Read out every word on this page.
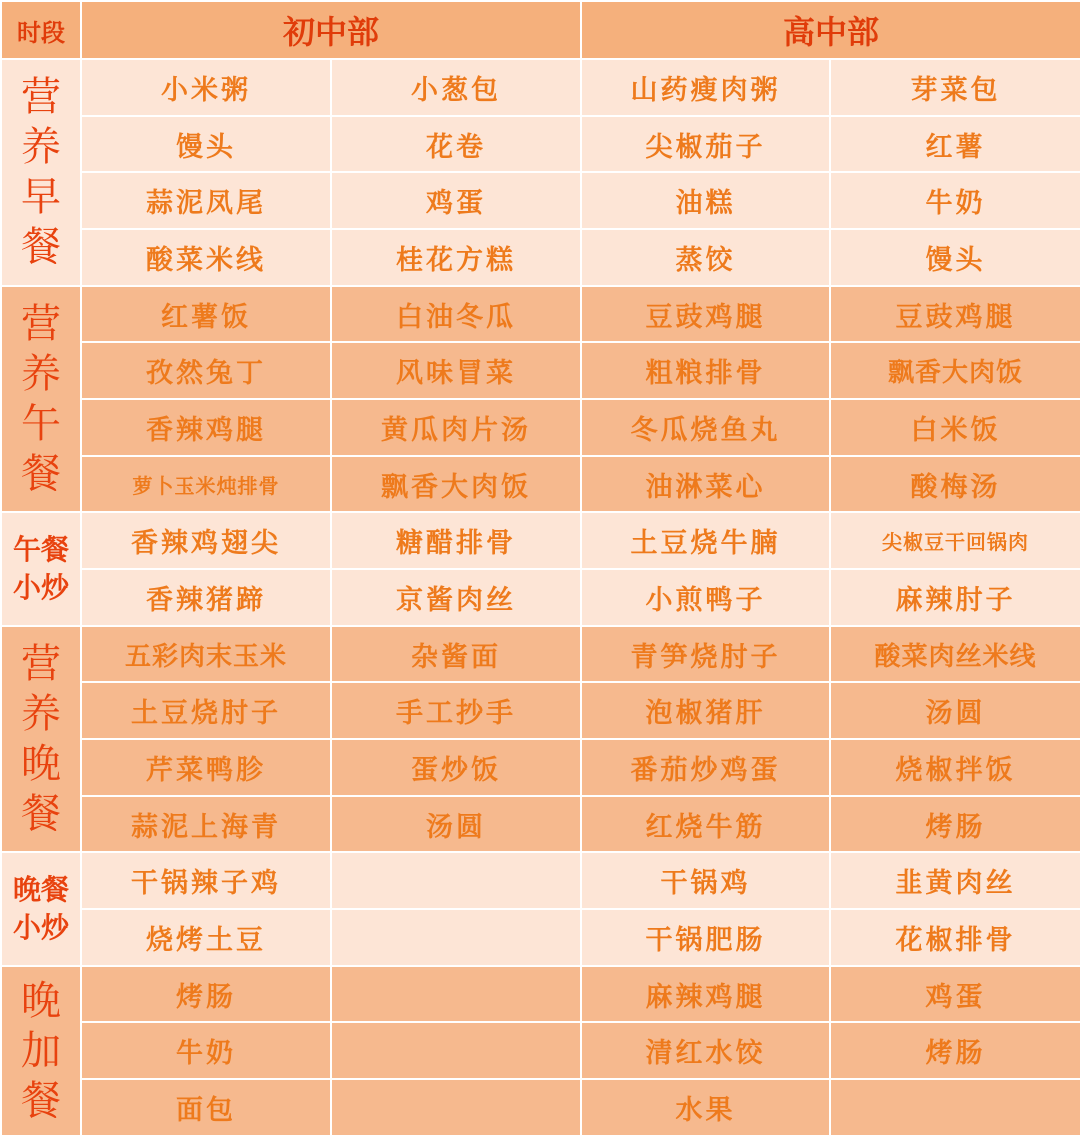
时段	初中部		高中部	

营
养
早
餐	小米粥	小葱包	山药瘦肉粥	芽菜包
	馒头	花卷	尖椒茄子	红薯
	蒜泥凤尾	鸡蛋	油糕	牛奶
	酸菜米线	桂花方糕	蒸饺	馒头

营
养
午
餐	红薯饭	白油冬瓜	豆豉鸡腿	豆豉鸡腿
	孜然兔丁	风味冒菜	粗粮排骨	飘香大肉饭
	香辣鸡腿	黄瓜肉片汤	冬瓜烧鱼丸	白米饭
	萝卜玉米炖排骨	飘香大肉饭	油淋菜心	酸梅汤

午餐
小炒	香辣鸡翅尖	糖醋排骨	土豆烧牛腩	尖椒豆干回锅肉
	香辣猪蹄	京酱肉丝	小煎鸭子	麻辣肘子

营
养
晚
餐	五彩肉末玉米	杂酱面	青笋烧肘子	酸菜肉丝米线
	土豆烧肘子	手工抄手	泡椒猪肝	汤圆
	芹菜鸭胗	蛋炒饭	番茄炒鸡蛋	烧椒拌饭
	蒜泥上海青	汤圆	红烧牛筋	烤肠

晚餐
小炒	干锅辣子鸡		干锅鸡	韭黄肉丝
	烧烤土豆		干锅肥肠	花椒排骨

晚
加
餐	烤肠		麻辣鸡腿	鸡蛋
	牛奶		清红水饺	烤肠
	面包		水果	
